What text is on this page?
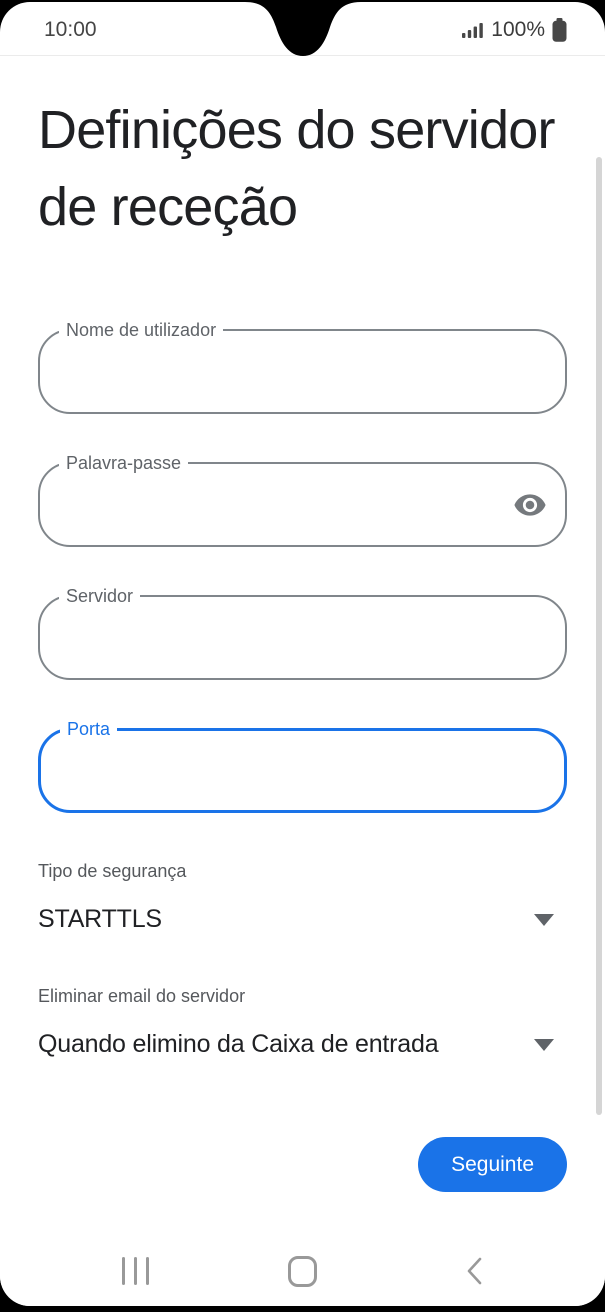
10:00	100%
Definições do servidor de receção
Nome de utilizador
Palavra-passe
Servidor
Porta
Tipo de segurança
STARTTLS
Eliminar email do servidor
Quando elimino da Caixa de entrada
Seguinte
